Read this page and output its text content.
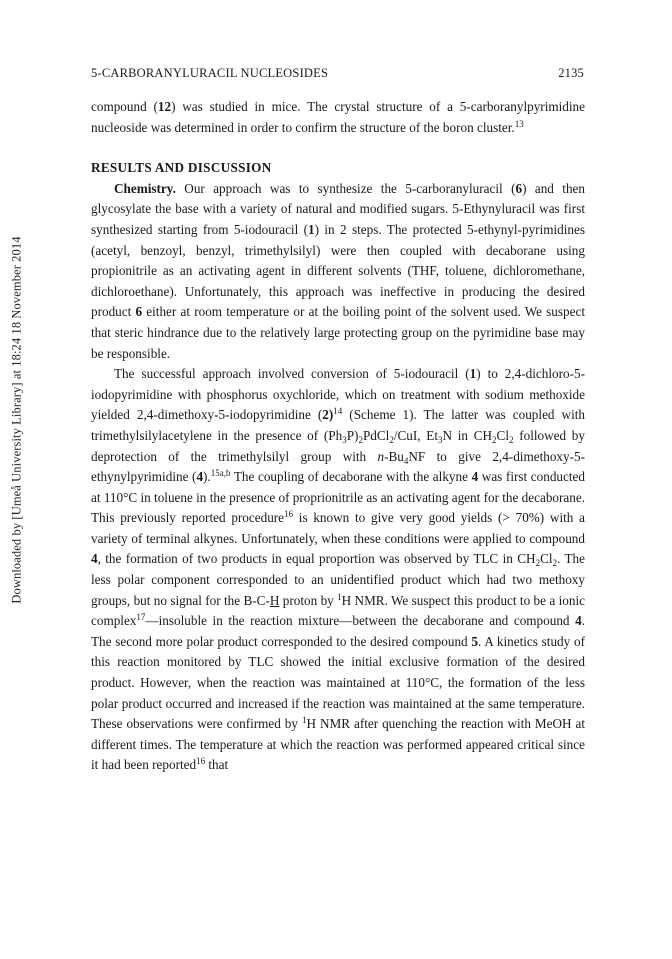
Downloaded by [Umeå University Library] at 18:24 18 November 2014
5-CARBORANYLURACIL NUCLEOSIDES	2135

compound (12) was studied in mice. The crystal structure of a 5-carboranylpyrimidine nucleoside was determined in order to confirm the structure of the boron cluster.$^{13}$

RESULTS AND DISCUSSION

Chemistry. Our approach was to synthesize the 5-carboranyluracil (6) and then glycosylate the base with a variety of natural and modified sugars. 5-Ethynyluracil was first synthesized starting from 5-iodouracil (1) in 2 steps. The protected 5-ethynyl-pyrimidines (acetyl, benzoyl, benzyl, trimethylsilyl) were then coupled with decaborane using propionitrile as an activating agent in different solvents (THF, toluene, dichloromethane, dichloroethane). Unfortunately, this approach was ineffective in producing the desired product 6 either at room temperature or at the boiling point of the solvent used. We suspect that steric hindrance due to the relatively large protecting group on the pyrimidine base may be responsible.

The successful approach involved conversion of 5-iodouracil (1) to 2,4-dichloro-5-iodopyrimidine with phosphorus oxychloride, which on treatment with sodium methoxide yielded 2,4-dimethoxy-5-iodopyrimidine $(2)^{14}$ (Scheme 1). The latter was coupled with trimethylsilylacetylene in the presence of $(Ph_3P)_2PdCl_2$/CuI, $Et_3N$ in $CH_2Cl_2$ followed by deprotection of the trimethylsilyl group with $n-Bu_4NF$ to give 2,4-dimethoxy-5-ethynylpyrimidine (4).$^{15a,b}$ The coupling of decaborane with the alkyne 4 was first conducted at 110°C in toluene in the presence of proprionitrile as an activating agent for the decaborane. This previously reported procedure$^{16}$ is known to give very good yields (> 70%) with a variety of terminal alkynes. Unfortunately, when these conditions were applied to compound 4, the formation of two products in equal proportion was observed by TLC in $CH_2Cl_2$. The less polar component corresponded to an unidentified product which had two methoxy groups, but no signal for the B-C-H proton by $^1$H NMR. We suspect this product to be a ionic complex$^{17}$—insoluble in the reaction mixture—between the decaborane and compound 4. The second more polar product corresponded to the desired compound 5. A kinetics study of this reaction monitored by TLC showed the initial exclusive formation of the desired product. However, when the reaction was maintained at 110°C, the formation of the less polar product occurred and increased if the reaction was maintained at the same temperature. These observations were confirmed by $^1$H NMR after quenching the reaction with MeOH at different times. The temperature at which the reaction was performed appeared critical since it had been reported$^{16}$ that
